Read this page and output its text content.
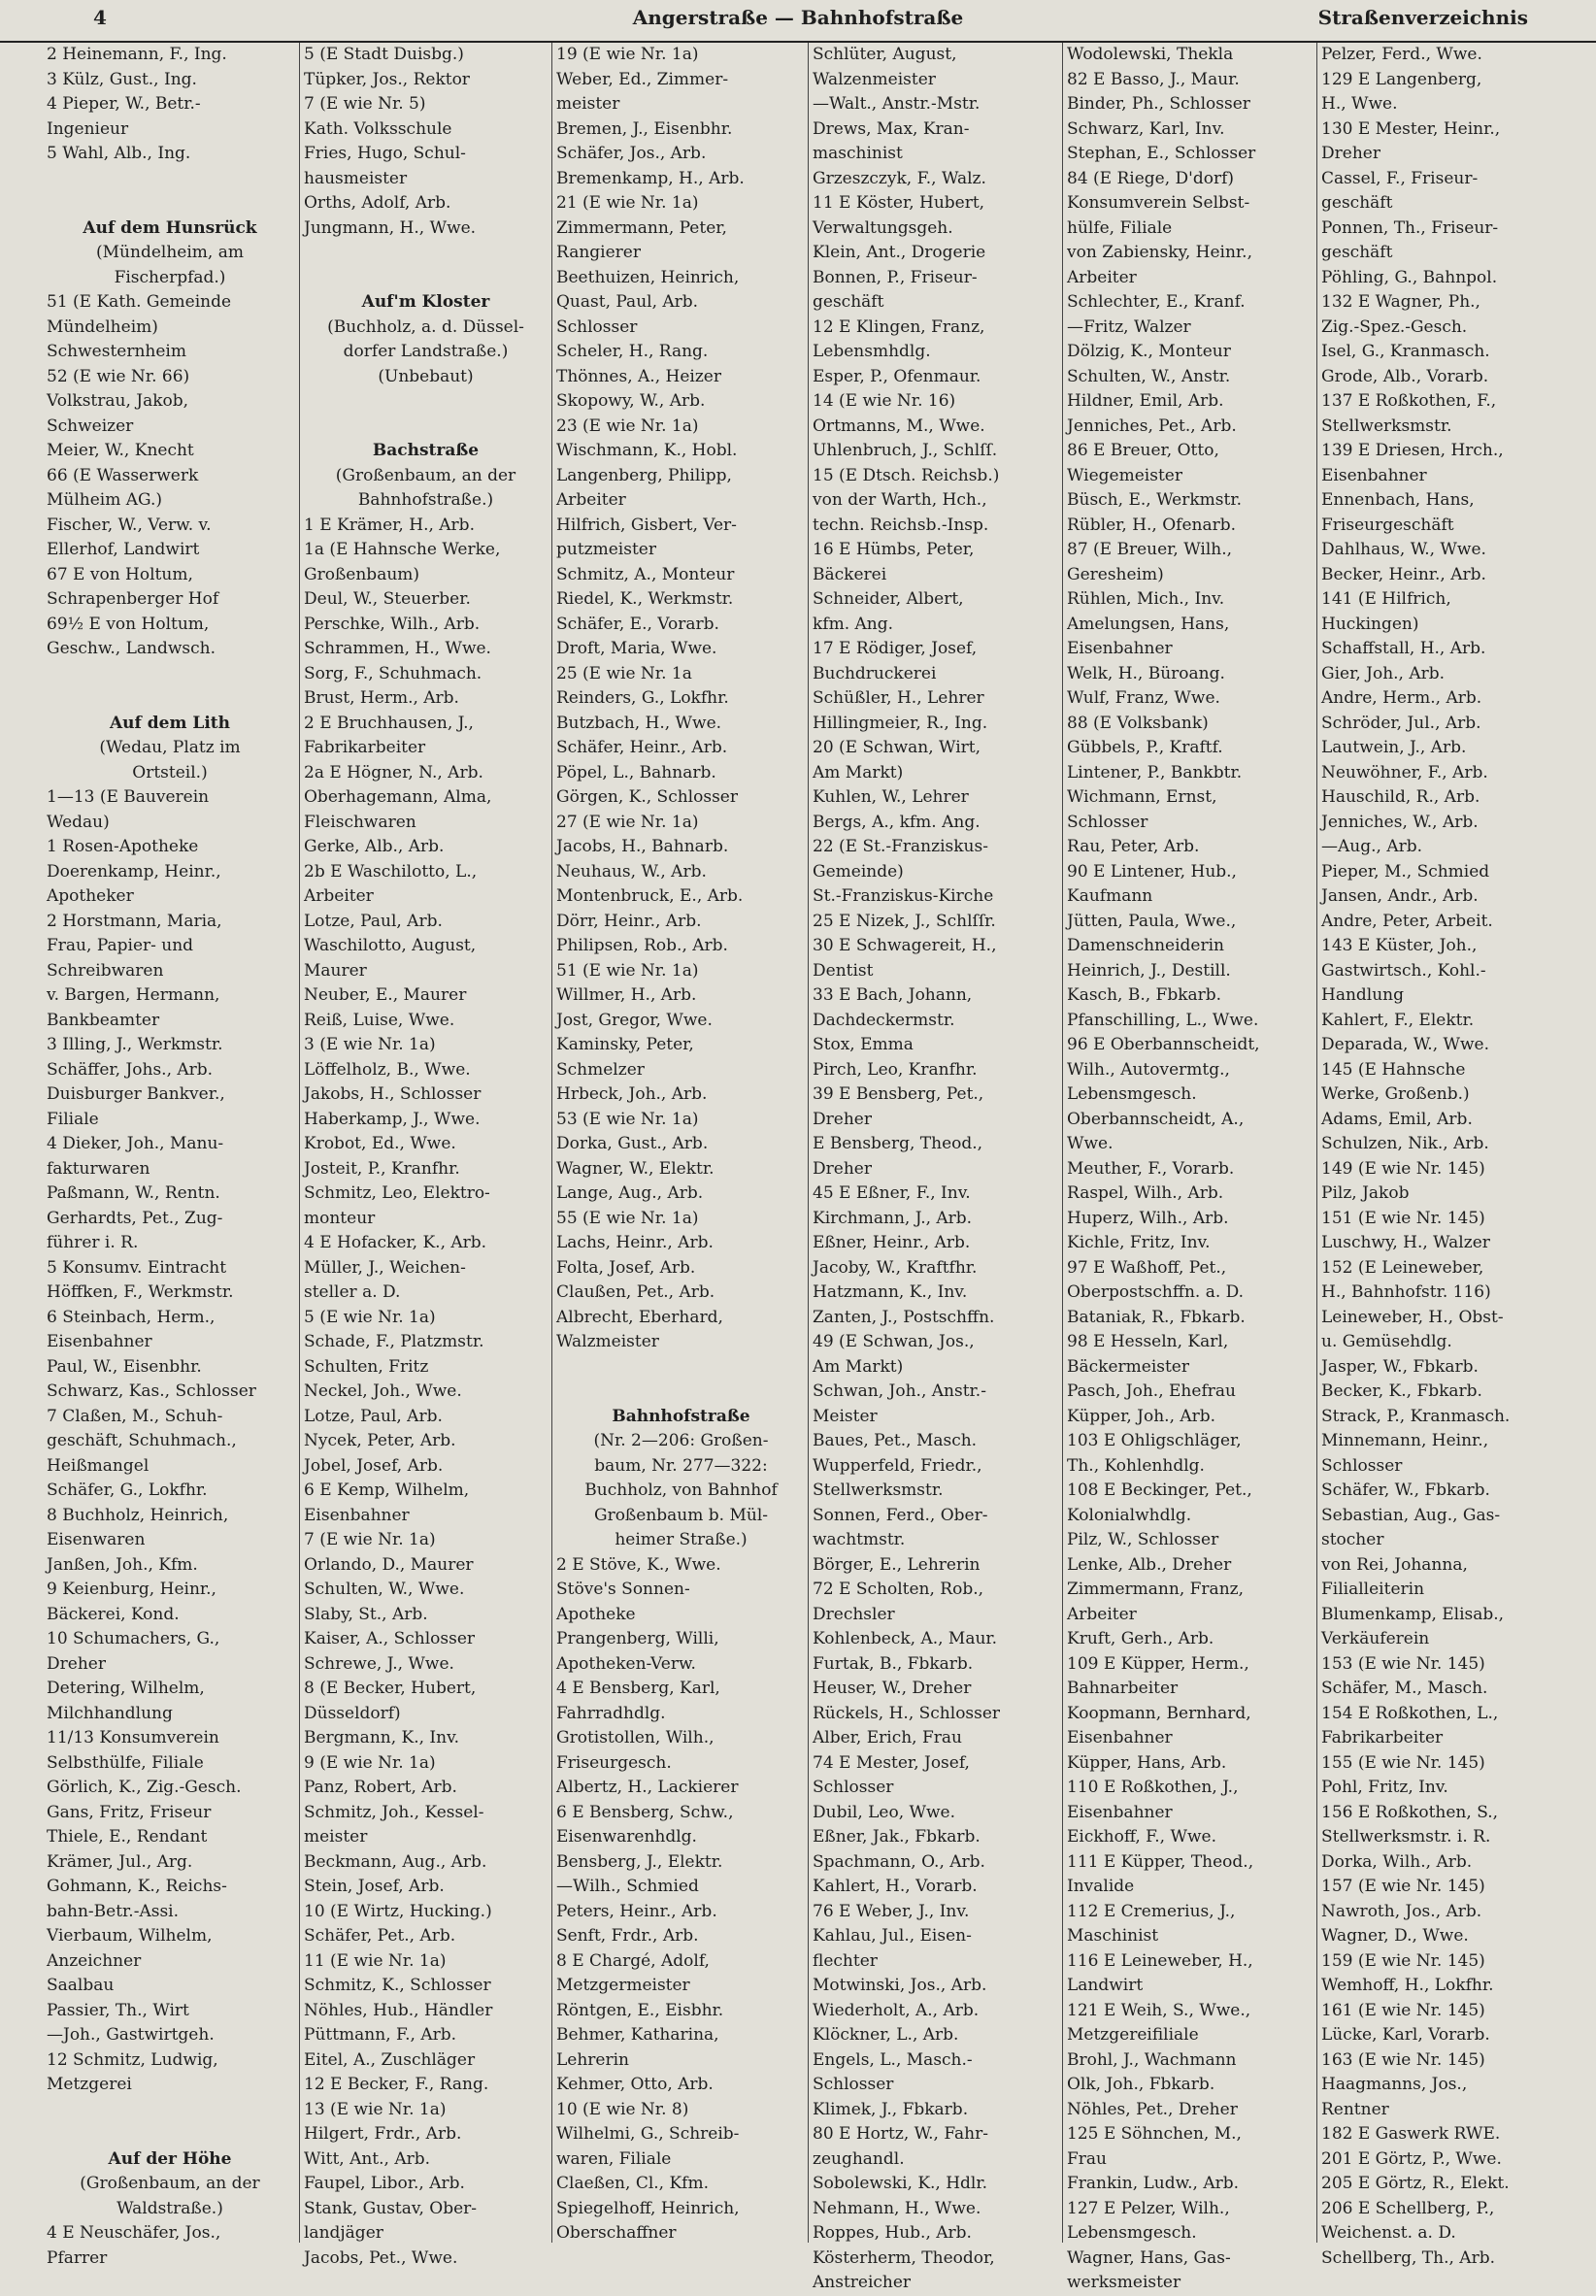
4	Angerstraße — Bahnhofstraße	Straßenverzeichnis
2 Heinemann, F., Ing.
3 Külz, Gust., Ing.
4 Pieper, W., Betr.-
Ingenieur
5 Wahl, Alb., Ing.

Auf dem Hunsrück
(Mündelheim, am
Fischerpfad.)
51 (E Kath. Gemeinde
Mündelheim)
Schwesternheim
52 (E wie Nr. 66)
Volkstrau, Jakob,
Schweizer
Meier, W., Knecht
66 (E Wasserwerk
Mülheim AG.)
Fischer, W., Verw. v.
Ellerhof, Landwirt
67 E von Holtum,
Schrapenberger Hof
69½ E von Holtum,
Geschw., Landwsch.

Auf dem Lith
(Wedau, Platz im
Ortsteil.)
1—13 (E Bauverein
Wedau)
1 Rosen-Apotheke
Doerenkamp, Heinr.,
Apotheker
2 Horstmann, Maria,
Frau, Papier- und
Schreibwaren
v. Bargen, Hermann,
Bankbeamter
3 Illing, J., Werkmstr.
Schäffer, Johs., Arb.
Duisburger Bankver.,
Filiale
4 Dieker, Joh., Manu-
fakturwaren
Paßmann, W., Rentn.
Gerhardts, Pet., Zug-
führer i. R.
5 Konsumv. Eintracht
Höffken, F., Werkmstr.
6 Steinbach, Herm.,
Eisenbahner
Paul, W., Eisenbhr.
Schwarz, Kas., Schlosser
7 Claßen, M., Schuh-
geschäft, Schuhmach.,
Heißmangel
Schäfer, G., Lokfhr.
8 Buchholz, Heinrich,
Eisenwaren
Janßen, Joh., Kfm.
9 Keienburg, Heinr.,
Bäckerei, Kond.
10 Schumachers, G.,
Dreher
Detering, Wilhelm,
Milchhandlung
11/13 Konsumverein
Selbsthülfe, Filiale
Görlich, K., Zig.-Gesch.
Gans, Fritz, Friseur
Thiele, E., Rendant
Krämer, Jul., Arg.
Gohmann, K., Reichs-
bahn-Betr.-Assi.
Vierbaum, Wilhelm,
Anzeichner
Saalbau
Passier, Th., Wirt
—Joh., Gastwirtgeh.
12 Schmitz, Ludwig,
Metzgerei

Auf der Höhe
(Großenbaum, an der
Waldstraße.)
4 E Neuschäfer, Jos.,
Pfarrer
5 (E Stadt Duisbg.)
Tüpker, Jos., Rektor
7 (E wie Nr. 5)
Kath. Volksschule
Fries, Hugo, Schul-
hausmeister
Orths, Adolf, Arb.
Jungmann, H., Wwe.

Auf'm Kloster
(Buchholz, a. d. Düssel-
dorfer Landstraße.)
(Unbebaut)

Bachstraße
(Großenbaum, an der
Bahnhofstraße.)
1 E Krämer, H., Arb.
1a (E Hahnsche Werke,
Großenbaum)
Deul, W., Steuerber.
Perschke, Wilh., Arb.
Schrammen, H., Wwe.
Sorg, F., Schuhmach.
Brust, Herm., Arb.
2 E Bruchhausen, J.,
Fabrikarbeiter
2a E Högner, N., Arb.
Oberhagemann, Alma,
Fleischwaren
Gerke, Alb., Arb.
2b E Waschilotto, L.,
Arbeiter
Lotze, Paul, Arb.
Waschilotto, August,
Maurer
Neuber, E., Maurer
Reiß, Luise, Wwe.
3 (E wie Nr. 1a)
Löffelholz, B., Wwe.
Jakobs, H., Schlosser
Haberkamp, J., Wwe.
Krobot, Ed., Wwe.
Josteit, P., Kranfhr.
Schmitz, Leo, Elektro-
monteur
4 E Hofacker, K., Arb.
Müller, J., Weichen-
steller a. D.
5 (E wie Nr. 1a)
Schade, F., Platzmstr.
Schulten, Fritz
Neckel, Joh., Wwe.
Lotze, Paul, Arb.
Nycek, Peter, Arb.
Jobel, Josef, Arb.
6 E Kemp, Wilhelm,
Eisenbahner
7 (E wie Nr. 1a)
Orlando, D., Maurer
Schulten, W., Wwe.
Slaby, St., Arb.
Kaiser, A., Schlosser
Schrewe, J., Wwe.
8 (E Becker, Hubert,
Düsseldorf)
Bergmann, K., Inv.
9 (E wie Nr. 1a)
Panz, Robert, Arb.
Schmitz, Joh., Kessel-
meister
Beckmann, Aug., Arb.
Stein, Josef, Arb.
10 (E Wirtz, Hucking.)
Schäfer, Pet., Arb.
11 (E wie Nr. 1a)
Schmitz, K., Schlosser
Nöhles, Hub., Händler
Püttmann, F., Arb.
Eitel, A., Zuschläger
12 E Becker, F., Rang.
13 (E wie Nr. 1a)
Hilgert, Frdr., Arb.
Witt, Ant., Arb.
Faupel, Libor., Arb.
Stank, Gustav, Ober-
landjäger
Jacobs, Pet., Wwe.
19 (E wie Nr. 1a)
Weber, Ed., Zimmer-
meister
Bremen, J., Eisenbhr.
Schäfer, Jos., Arb.
Bremenkamp, H., Arb.
21 (E wie Nr. 1a)
Zimmermann, Peter,
Rangierer
Beethuizen, Heinrich,
Quast, Paul, Arb.
Schlosser
Scheler, H., Rang.
Thönnes, A., Heizer
Skopowy, W., Arb.
23 (E wie Nr. 1a)
Wischmann, K., Hobl.
Langenberg, Philipp,
Arbeiter
Hilfrich, Gisbert, Ver-
putzmeister
Schmitz, A., Monteur
Riedel, K., Werkmstr.
Schäfer, E., Vorarb.
Droft, Maria, Wwe.
25 (E wie Nr. 1a
Reinders, G., Lokfhr.
Butzbach, H., Wwe.
Schäfer, Heinr., Arb.
Pöpel, L., Bahnarb.
Görgen, K., Schlosser
27 (E wie Nr. 1a)
Jacobs, H., Bahnarb.
Neuhaus, W., Arb.
Montenbruck, E., Arb.
Dörr, Heinr., Arb.
Philipsen, Rob., Arb.
51 (E wie Nr. 1a)
Willmer, H., Arb.
Jost, Gregor, Wwe.
Kaminsky, Peter,
Schmelzer
Hrbeck, Joh., Arb.
53 (E wie Nr. 1a)
Dorka, Gust., Arb.
Wagner, W., Elektr.
Lange, Aug., Arb.
55 (E wie Nr. 1a)
Lachs, Heinr., Arb.
Folta, Josef, Arb.
Claußen, Pet., Arb.
Albrecht, Eberhard,
Walzmeister

Bahnhofstraße
(Nr. 2—206: Großen-
baum, Nr. 277—322:
Buchholz, von Bahnhof
Großenbaum b. Mül-
heimer Straße.)
2 E Stöve, K., Wwe.
Stöve's Sonnen-
Apotheke
Prangenberg, Willi,
Apotheken-Verw.
4 E Bensberg, Karl,
Fahrradhdlg.
Grotistollen, Wilh.,
Friseurgesch.
Albertz, H., Lackierer
6 E Bensberg, Schw.,
Eisenwarenhdlg.
Bensberg, J., Elektr.
—Wilh., Schmied
Peters, Heinr., Arb.
Senft, Frdr., Arb.
8 E Chargé, Adolf,
Metzgermeister
Röntgen, E., Eisbhr.
Behmer, Katharina,
Lehrerin
Kehmer, Otto, Arb.
10 (E wie Nr. 8)
Wilhelmi, G., Schreib-
waren, Filiale
Claeßen, Cl., Kfm.
Spiegelhoff, Heinrich,
Oberschaffner
Schlüter, August,
Walzenmeister
—Walt., Anstr.-Mstr.
Drews, Max, Kran-
maschinist
Grzeszczyk, F., Walz.
11 E Köster, Hubert,
Verwaltungsgeh.
Klein, Ant., Drogerie
Bonnen, P., Friseur-
geschäft
12 E Klingen, Franz,
Lebensmhdlg.
Esper, P., Ofenmaur.
14 (E wie Nr. 16)
Ortmanns, M., Wwe.
Uhlenbruch, J., Schlſſ.
15 (E Dtsch. Reichsb.)
von der Warth, Hch.,
techn. Reichsb.-Insp.
16 E Hümbs, Peter,
Bäckerei
Schneider, Albert,
kfm. Ang.
17 E Rödiger, Josef,
Buchdruckerei
Schüßler, H., Lehrer
Hillingmeier, R., Ing.
20 (E Schwan, Wirt,
Am Markt)
Kuhlen, W., Lehrer
Bergs, A., kfm. Ang.
22 (E St.-Franziskus-
Gemeinde)
St.-Franziskus-Kirche
25 E Nizek, J., Schlſſr.
30 E Schwagereit, H.,
Dentist
33 E Bach, Johann,
Dachdeckermstr.
Stox, Emma
Pirch, Leo, Kranfhr.
39 E Bensberg, Pet.,
Dreher
E Bensberg, Theod.,
Dreher
45 E Eßner, F., Inv.
Kirchmann, J., Arb.
Eßner, Heinr., Arb.
Jacoby, W., Kraftfhr.
Hatzmann, K., Inv.
Zanten, J., Postschffn.
49 (E Schwan, Jos.,
Am Markt)
Schwan, Joh., Anstr.-
Meister
Baues, Pet., Masch.
Wupperfeld, Friedr.,
Stellwerksmstr.
Sonnen, Ferd., Ober-
wachtmstr.
Börger, E., Lehrerin
72 E Scholten, Rob.,
Drechsler
Kohlenbeck, A., Maur.
Furtak, B., Fbkarb.
Heuser, W., Dreher
Rückels, H., Schlosser
Alber, Erich, Frau
74 E Mester, Josef,
Schlosser
Dubil, Leo, Wwe.
Eßner, Jak., Fbkarb.
Spachmann, O., Arb.
Kahlert, H., Vorarb.
76 E Weber, J., Inv.
Kahlau, Jul., Eisen-
flechter
Motwinski, Jos., Arb.
Wiederholt, A., Arb.
Klöckner, L., Arb.
Engels, L., Masch.-
Schlosser
Klimek, J., Fbkarb.
80 E Hortz, W., Fahr-
zeughandl.
Sobolewski, K., Hdlr.
Nehmann, H., Wwe.
Roppes, Hub., Arb.
Kösterherm, Theodor,
Anstreicher
Wodolewski, Thekla
82 E Basso, J., Maur.
Binder, Ph., Schlosser
Schwarz, Karl, Inv.
Stephan, E., Schlosser
84 (E Riege, D'dorf)
Konsumverein Selbst-
hülfe, Filiale
von Zabiensky, Heinr.,
Arbeiter
Schlechter, E., Kranf.
—Fritz, Walzer
Dölzig, K., Monteur
Schulten, W., Anstr.
Hildner, Emil, Arb.
Jenniches, Pet., Arb.
86 E Breuer, Otto,
Wiegemeister
Büsch, E., Werkmstr.
Rübler, H., Ofenarb.
87 (E Breuer, Wilh.,
Geresheim)
Rühlen, Mich., Inv.
Amelungsen, Hans,
Eisenbahner
Welk, H., Büroang.
Wulf, Franz, Wwe.
88 (E Volksbank)
Gübbels, P., Kraftf.
Lintener, P., Bankbtr.
Wichmann, Ernst,
Schlosser
Rau, Peter, Arb.
90 E Lintener, Hub.,
Kaufmann
Jütten, Paula, Wwe.,
Damenschneiderin
Heinrich, J., Destill.
Kasch, B., Fbkarb.
Pfanschilling, L., Wwe.
96 E Oberbannscheidt,
Wilh., Autovermtg.,
Lebensmgesch.
Oberbannscheidt, A.,
Wwe.
Meuther, F., Vorarb.
Raspel, Wilh., Arb.
Huperz, Wilh., Arb.
Kichle, Fritz, Inv.
97 E Waßhoff, Pet.,
Oberpostschffn. a. D.
Bataniak, R., Fbkarb.
98 E Hesseln, Karl,
Bäckermeister
Pasch, Joh., Ehefrau
Küpper, Joh., Arb.
103 E Ohligschläger,
Th., Kohlenhdlg.
108 E Beckinger, Pet.,
Kolonialwhdlg.
Pilz, W., Schlosser
Lenke, Alb., Dreher
Zimmermann, Franz,
Arbeiter
Kruft, Gerh., Arb.
109 E Küpper, Herm.,
Bahnarbeiter
Koopmann, Bernhard,
Eisenbahner
Küpper, Hans, Arb.
110 E Roßkothen, J.,
Eisenbahner
Eickhoff, F., Wwe.
111 E Küpper, Theod.,
Invalide
112 E Cremerius, J.,
Maschinist
116 E Leineweber, H.,
Landwirt
121 E Weih, S., Wwe.,
Metzgereifiliale
Brohl, J., Wachmann
Olk, Joh., Fbkarb.
Nöhles, Pet., Dreher
125 E Söhnchen, M.,
Frau
Frankin, Ludw., Arb.
127 E Pelzer, Wilh.,
Lebensmgesch.
Wagner, Hans, Gas-
werksmeister
Pelzer, Ferd., Wwe.
129 E Langenberg,
H., Wwe.
130 E Mester, Heinr.,
Dreher
Cassel, F., Friseur-
geschäft
Ponnen, Th., Friseur-
geschäft
Pöhling, G., Bahnpol.
132 E Wagner, Ph.,
Zig.-Spez.-Gesch.
Isel, G., Kranmasch.
Grode, Alb., Vorarb.
137 E Roßkothen, F.,
Stellwerksmstr.
139 E Driesen, Hrch.,
Eisenbahner
Ennenbach, Hans,
Friseurgeschäft
Dahlhaus, W., Wwe.
Becker, Heinr., Arb.
141 (E Hilfrich,
Huckingen)
Schaffstall, H., Arb.
Gier, Joh., Arb.
Andre, Herm., Arb.
Schröder, Jul., Arb.
Lautwein, J., Arb.
Neuwöhner, F., Arb.
Hauschild, R., Arb.
Jenniches, W., Arb.
—Aug., Arb.
Pieper, M., Schmied
Jansen, Andr., Arb.
Andre, Peter, Arbeit.
143 E Küster, Joh.,
Gastwirtsch., Kohl.-
Handlung
Kahlert, F., Elektr.
Deparada, W., Wwe.
145 (E Hahnsche
Werke, Großenb.)
Adams, Emil, Arb.
Schulzen, Nik., Arb.
149 (E wie Nr. 145)
Pilz, Jakob
151 (E wie Nr. 145)
Luschwy, H., Walzer
152 (E Leineweber,
H., Bahnhofstr. 116)
Leineweber, H., Obst-
u. Gemüsehdlg.
Jasper, W., Fbkarb.
Becker, K., Fbkarb.
Strack, P., Kranmasch.
Minnemann, Heinr.,
Schlosser
Schäfer, W., Fbkarb.
Sebastian, Aug., Gas-
stocher
von Rei, Johanna,
Filialleiterin
Blumenkamp, Elisab.,
Verkäuferein
153 (E wie Nr. 145)
Schäfer, M., Masch.
154 E Roßkothen, L.,
Fabrikarbeiter
155 (E wie Nr. 145)
Pohl, Fritz, Inv.
156 E Roßkothen, S.,
Stellwerksmstr. i. R.
Dorka, Wilh., Arb.
157 (E wie Nr. 145)
Nawroth, Jos., Arb.
Wagner, D., Wwe.
159 (E wie Nr. 145)
Wemhoff, H., Lokfhr.
161 (E wie Nr. 145)
Lücke, Karl, Vorarb.
163 (E wie Nr. 145)
Haagmanns, Jos.,
Rentner
182 E Gaswerk RWE.
201 E Görtz, P., Wwe.
205 E Görtz, R., Elekt.
206 E Schellberg, P.,
Weichenst. a. D.
Schellberg, Th., Arb.
